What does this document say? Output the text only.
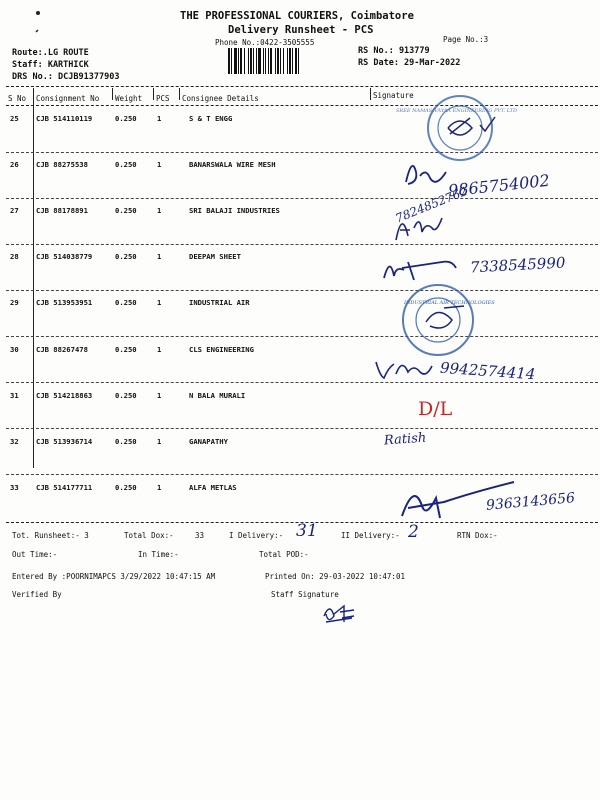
THE PROFESSIONAL COURIERS, Coimbatore
Delivery Runsheet - PCS
Phone No.:0422-3505555	Page No.:3
Route:.LG ROUTE
Staff: KARTHICK
DRS No.: DCJB91377903
RS No.: 913779
RS Date: 29-Mar-2022
S No Consignment No Weight PCS Consignee Details	Signature
25 CJB 514110119	0.250	1	S & T ENGG
26 CJB 88275538	0.250	1	BANARSWALA WIRE MESH
27 CJB 88178891	0.250	1	SRI BALAJI INDUSTRIES
28 CJB 514038779	0.250	1	DEEPAM SHEET
29 CJB 513953951	0.250	1	INDUSTRIAL AIR
30 CJB 88267478	0.250	1	CLS ENGINEERING
31 CJB 514218863	0.250	1	N BALA MURALI
32 CJB 513936714	0.250	1	GANAPATHY
33 CJB 514177711	0.250	1	ALFA METLAS
SREE NAMASIVAYAA ENGINEERING PVT. LTD
9865754002
7824852762
7338545990
INDUSTRIAL AIR TECHNOLOGIES
9942574414
D/L
Ratish
9363143656
Tot. Runsheet:- 3	Total Dox:-	33	I Delivery:- 31	II Delivery:- 2	RTN Dox:-
Out Time:-	In Time:-	Total POD:-
Entered By :POORNIMAPCS 3/29/2022 10:47:15 AM	Printed On: 29-03-2022 10:47:01
Verified By	Staff Signature
